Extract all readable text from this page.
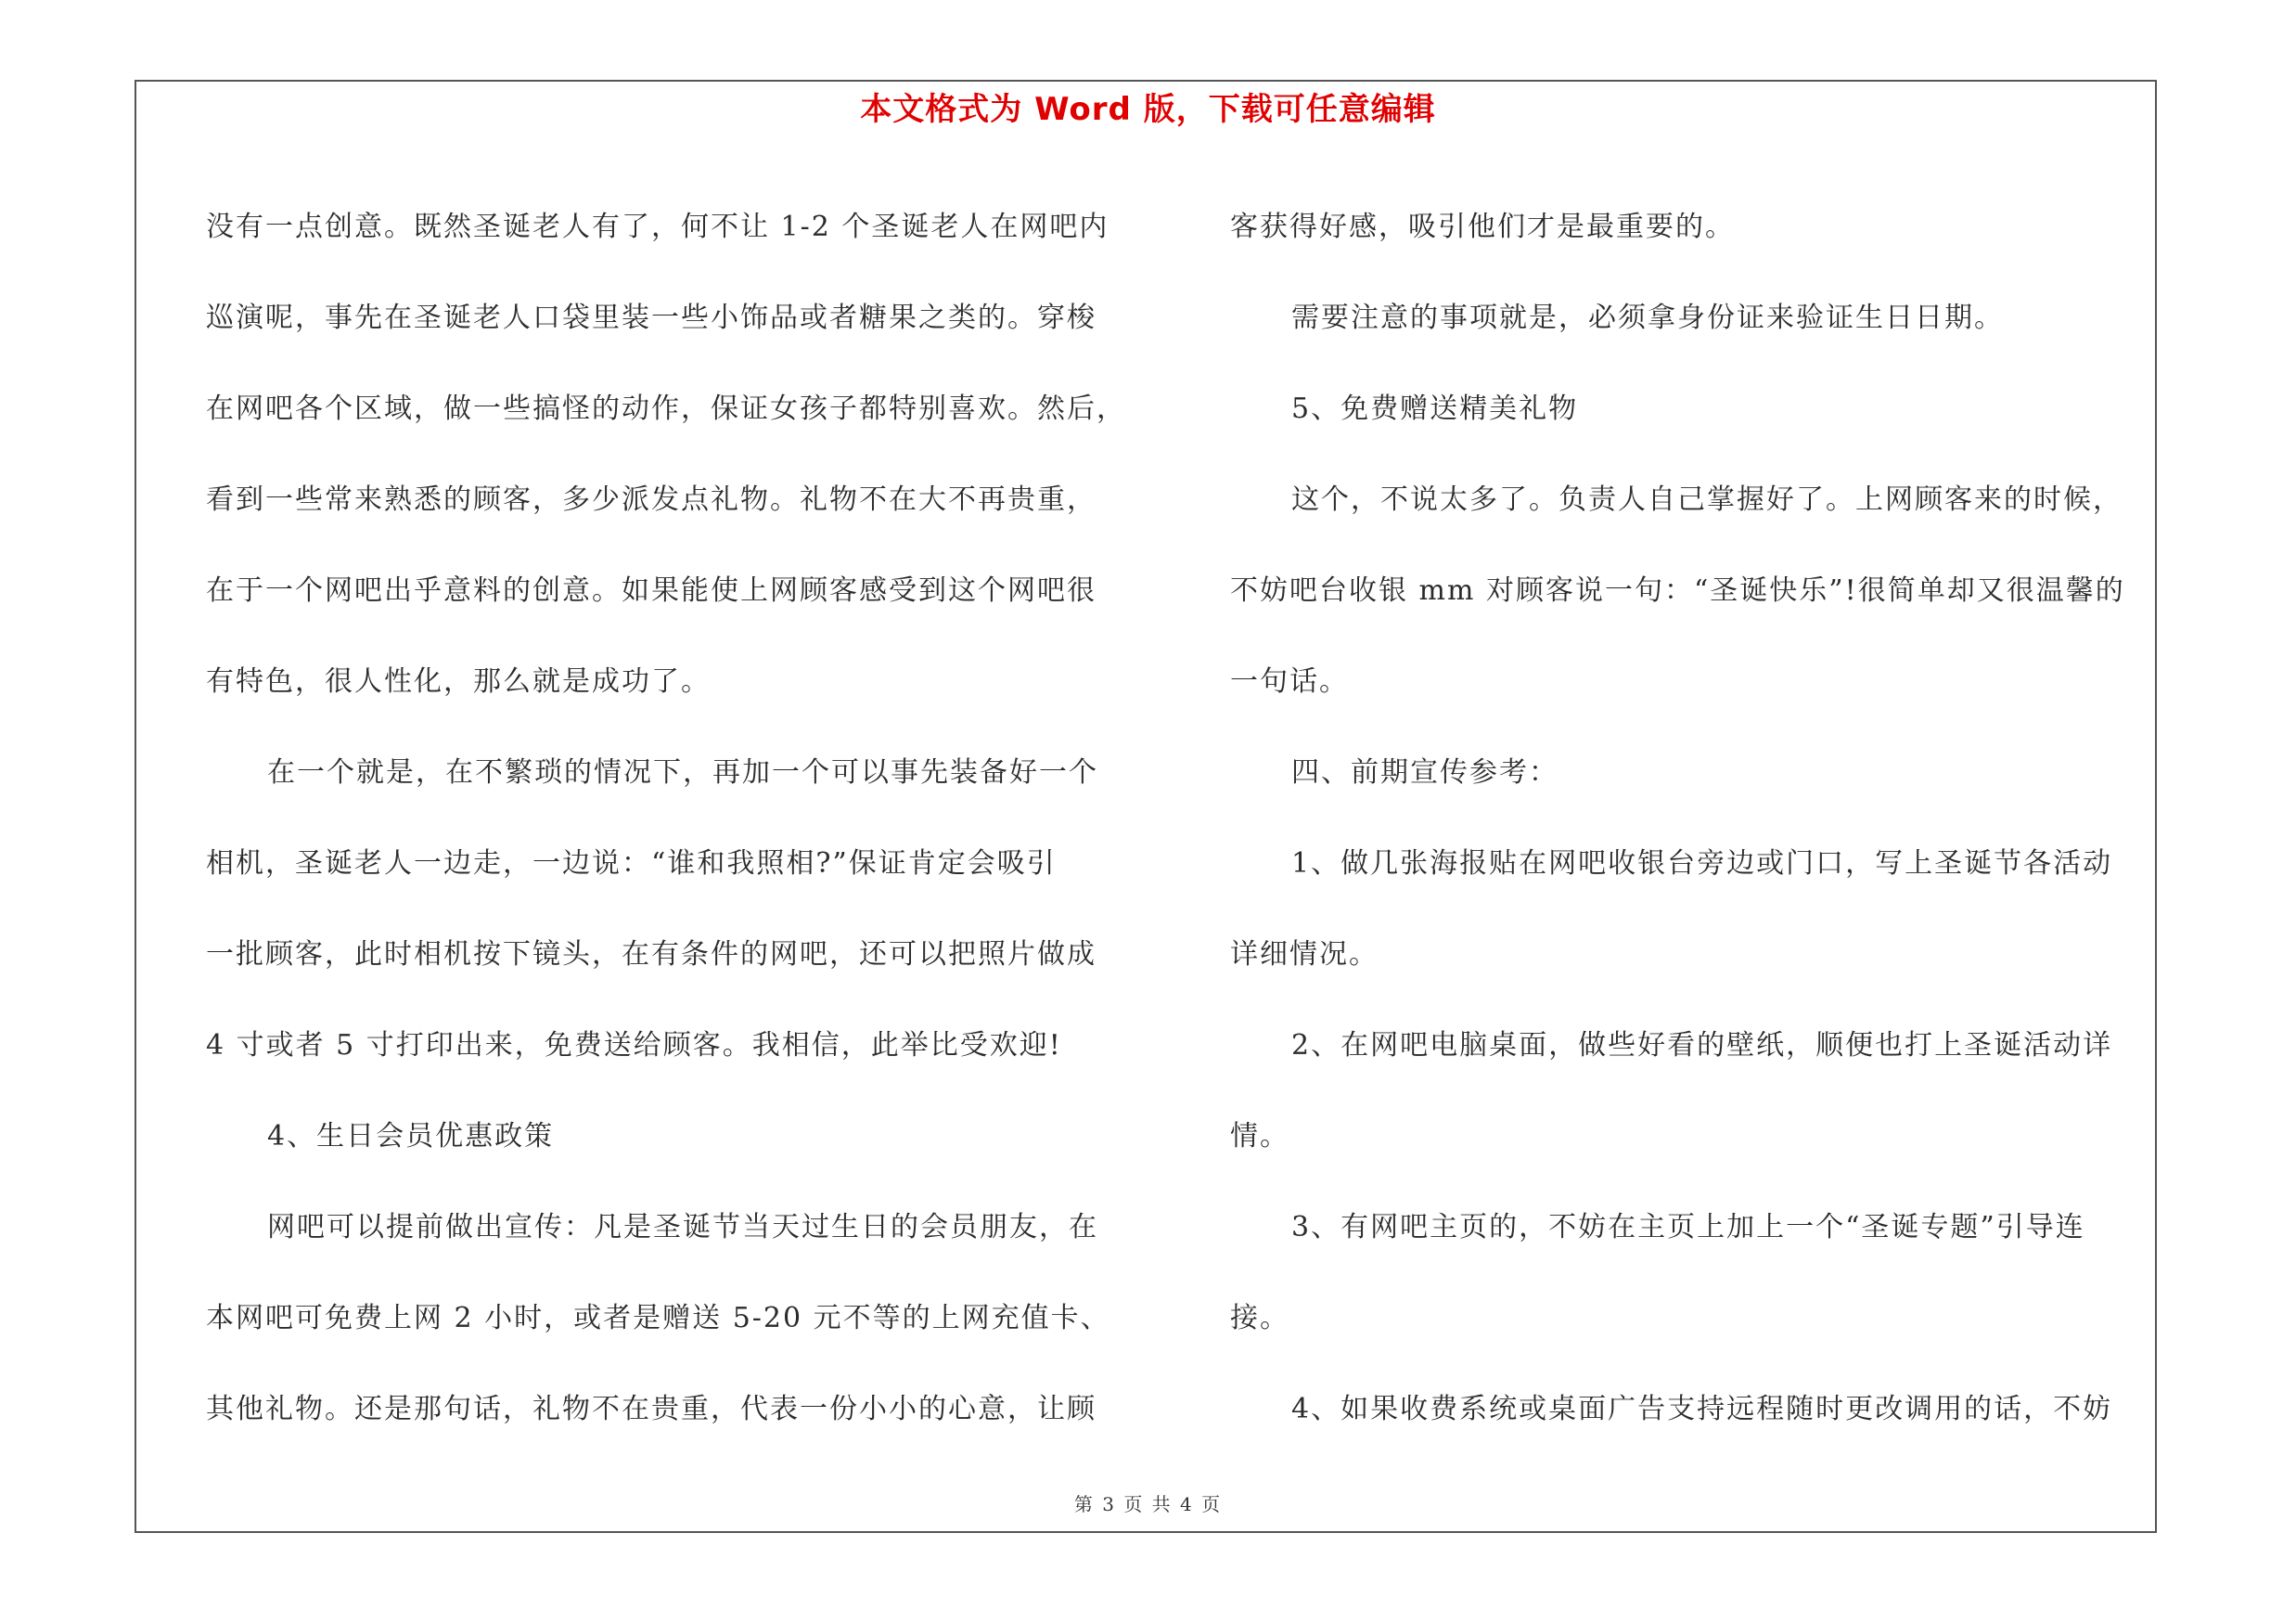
本文格式为 Word 版，下载可任意编辑
没有一点创意。既然圣诞老人有了，何不让 1-2 个圣诞老人在网吧内
巡演呢，事先在圣诞老人口袋里装一些小饰品或者糖果之类的。穿梭
在网吧各个区域，做一些搞怪的动作，保证女孩子都特别喜欢。然后，
看到一些常来熟悉的顾客，多少派发点礼物。礼物不在大不再贵重，
在于一个网吧出乎意料的创意。如果能使上网顾客感受到这个网吧很
有特色，很人性化，那么就是成功了。
在一个就是，在不繁琐的情况下，再加一个可以事先装备好一个
相机，圣诞老人一边走，一边说：“谁和我照相?”保证肯定会吸引
一批顾客，此时相机按下镜头，在有条件的网吧，还可以把照片做成
4 寸或者 5 寸打印出来，免费送给顾客。我相信，此举比受欢迎!
4、生日会员优惠政策
网吧可以提前做出宣传：凡是圣诞节当天过生日的会员朋友，在
本网吧可免费上网 2 小时，或者是赠送 5-20 元不等的上网充值卡、
其他礼物。还是那句话，礼物不在贵重，代表一份小小的心意，让顾
客获得好感，吸引他们才是最重要的。
需要注意的事项就是，必须拿身份证来验证生日日期。
5、免费赠送精美礼物
这个，不说太多了。负责人自己掌握好了。上网顾客来的时候，
不妨吧台收银 mm 对顾客说一句：“圣诞快乐”!很简单却又很温馨的
一句话。
四、前期宣传参考：
1、做几张海报贴在网吧收银台旁边或门口，写上圣诞节各活动
详细情况。
2、在网吧电脑桌面，做些好看的壁纸，顺便也打上圣诞活动详
情。
3、有网吧主页的，不妨在主页上加上一个“圣诞专题”引导连
接。
4、如果收费系统或桌面广告支持远程随时更改调用的话，不妨
第 3 页 共 4 页
